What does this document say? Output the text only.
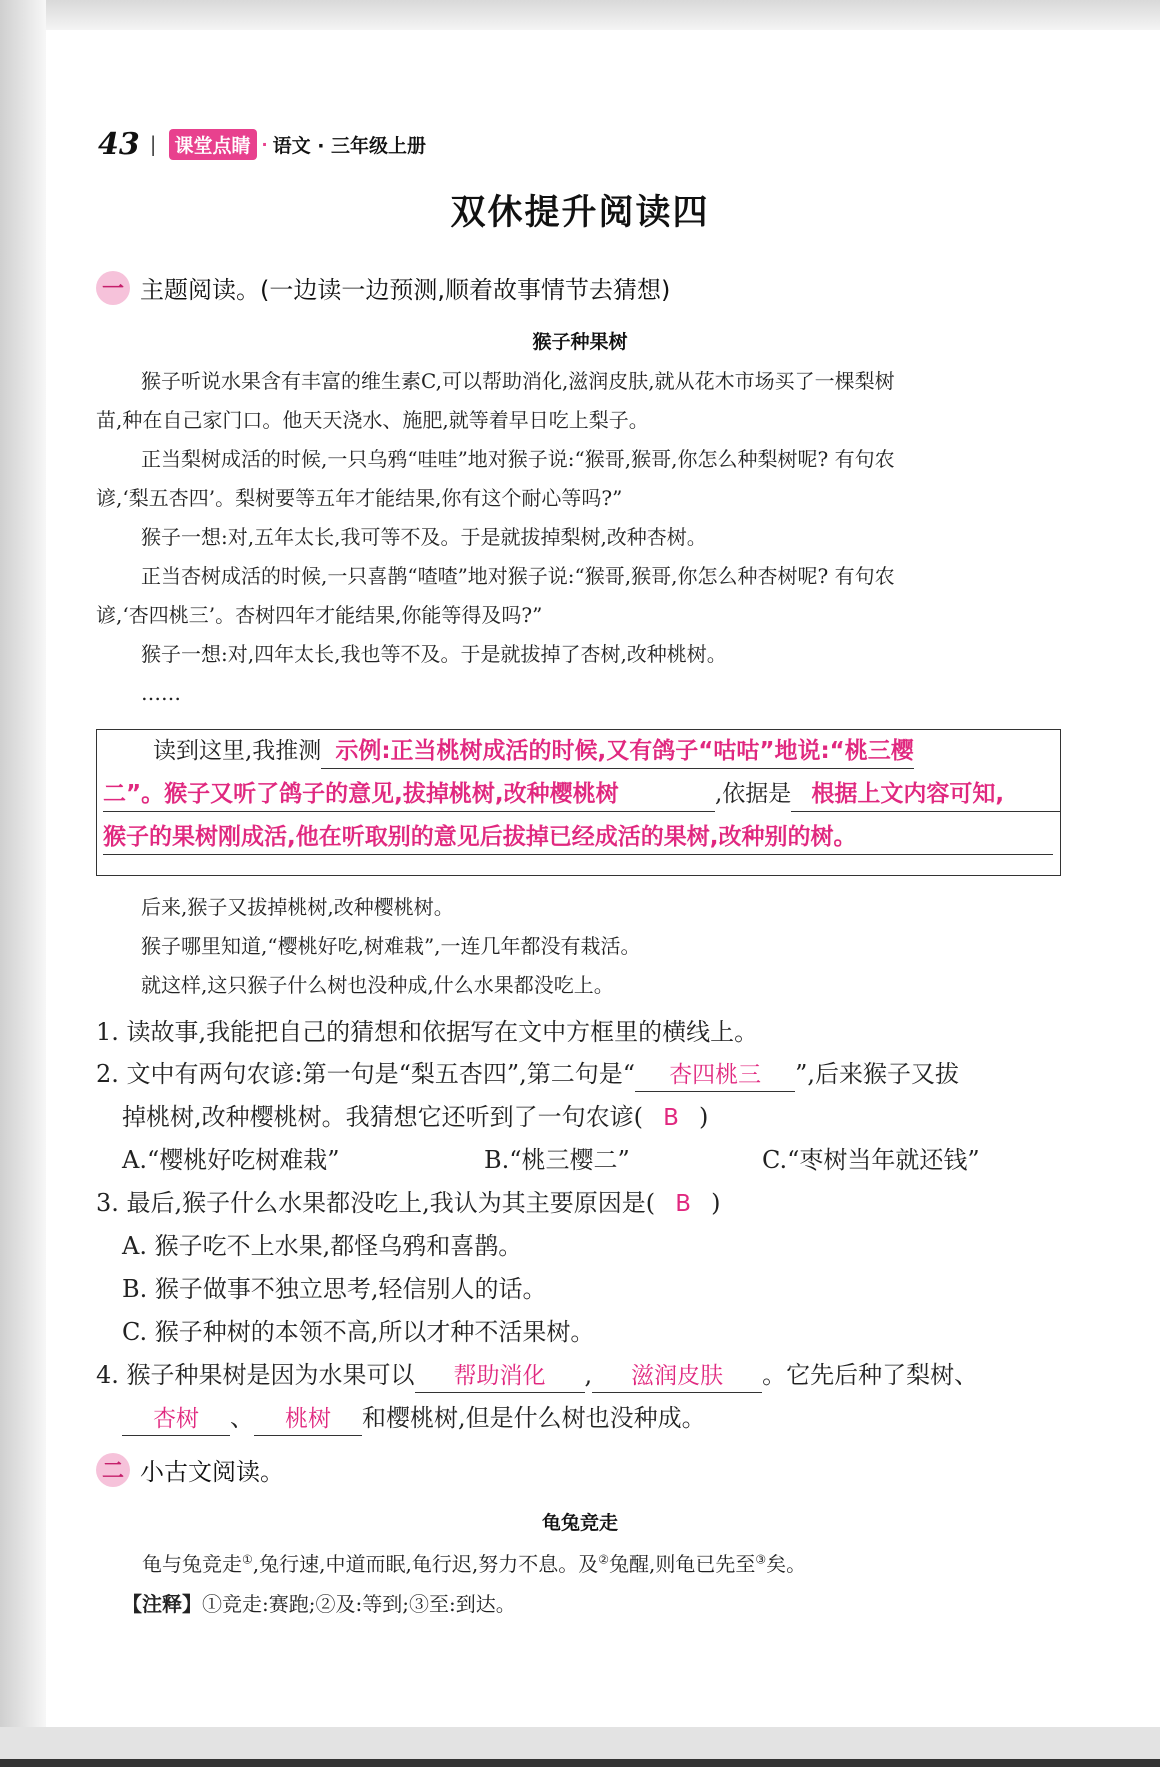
43 | 课堂点睛 · 语文 · 三年级上册
双休提升阅读四
一 主题阅读。(一边读一边预测,顺着故事情节去猜想)
猴子种果树

猴子听说水果含有丰富的维生素C,可以帮助消化,滋润皮肤,就从花木市场买了一棵梨树

苗,种在自己家门口。他天天浇水、施肥,就等着早日吃上梨子。

正当梨树成活的时候,一只乌鸦“哇哇”地对猴子说:“猴哥,猴哥,你怎么种梨树呢? 有句农

谚,‘梨五杏四’。梨树要等五年才能结果,你有这个耐心等吗?”

猴子一想:对,五年太长,我可等不及。于是就拔掉梨树,改种杏树。

正当杏树成活的时候,一只喜鹊“喳喳”地对猴子说:“猴哥,猴哥,你怎么种杏树呢? 有句农

谚,‘杏四桃三’。杏树四年才能结果,你能等得及吗?”

猴子一想:对,四年太长,我也等不及。于是就拔掉了杏树,改种桃树。

……

读到这里,我推测 示例:正当桃树成活的时候,又有鸽子“咕咕”地说:“桃三樱
二”。猴子又听了鸽子的意见,拔掉桃树,改种樱桃树	,依据是 根据上文内容可知,
猴子的果树刚成活,他在听取别的意见后拔掉已经成活的果树,改种别的树。

后来,猴子又拔掉桃树,改种樱桃树。

猴子哪里知道,“樱桃好吃,树难栽”,一连几年都没有栽活。

就这样,这只猴子什么树也没种成,什么水果都没吃上。

1. 读故事,我能把自己的猜想和依据写在文中方框里的横线上。
2. 文中有两句农谚:第一句是“梨五杏四”,第二句是“ 杏四桃三 ”,后来猴子又拔
掉桃树,改种樱桃树。我猜想它还听到了一句农谚( B )
A.“樱桃好吃树难栽”	B.“桃三樱二”	C.“枣树当年就还钱”
3. 最后,猴子什么水果都没吃上,我认为其主要原因是( B )
A. 猴子吃不上水果,都怪乌鸦和喜鹊。
B. 猴子做事不独立思考,轻信别人的话。
C. 猴子种树的本领不高,所以才种不活果树。
4. 猴子种果树是因为水果可以 帮助消化 , 滋润皮肤 。它先后种了梨树、
杏树 、 桃树 和樱桃树,但是什么树也没种成。
二 小古文阅读。
龟兔竞走
龟与兔竞走①,兔行速,中道而眠,龟行迟,努力不息。及②兔醒,则龟已先至③矣。
【注释】①竞走:赛跑;②及:等到;③至:到达。
